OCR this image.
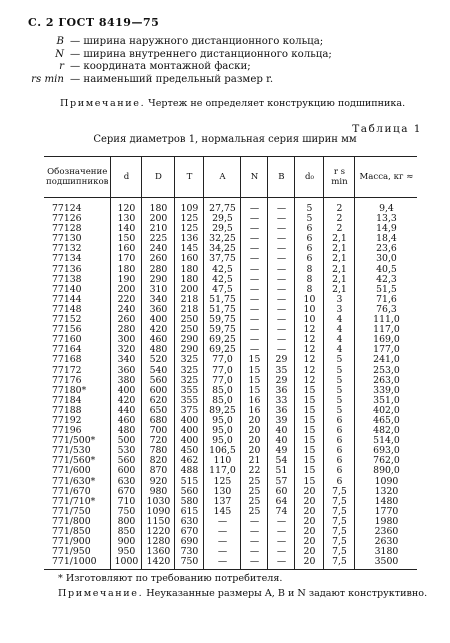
С. 2 ГОСТ 8419—75
B — ширина наружного дистанционного кольца;
N — ширина внутреннего дистанционного кольца;
r — координата монтажной фаски;
rs min — наименьший предельный размер r.
Примечание. Чертеж не определяет конструкцию подшипника.
Таблица 1
Серия диаметров 1, нормальная серия ширин мм
Обозначение подшипников	d	D	T	A	N	B	d₀	r s min	Масса, кг ≈
77124	120	180	109	27,75	—	—	5	2	9,4
77126	130	200	125	29,5	—	—	5	2	13,3
77128	140	210	125	29,5	—	—	6	2	14,9
77130	150	225	136	32,25	—	—	6	2,1	18,4
77132	160	240	145	34,25	—	—	6	2,1	23,6
77134	170	260	160	37,75	—	—	6	2,1	30,0
77136	180	280	180	42,5	—	—	8	2,1	40,5
77138	190	290	180	42,5	—	—	8	2,1	42,3
77140	200	310	200	47,5	—	—	8	2,1	51,5
77144	220	340	218	51,75	—	—	10	3	71,6
77148	240	360	218	51,75	—	—	10	3	76,3
77152	260	400	250	59,75	—	—	10	4	111,0
77156	280	420	250	59,75	—	—	12	4	117,0
77160	300	460	290	69,25	—	—	12	4	169,0
77164	320	480	290	69,25	—	—	12	4	177,0
77168	340	520	325	77,0	15	29	12	5	241,0
77172	360	540	325	77,0	15	35	12	5	253,0
77176	380	560	325	77,0	15	29	12	5	263,0
77180*	400	600	355	85,0	15	36	15	5	339,0
77184	420	620	355	85,0	16	33	15	5	351,0
77188	440	650	375	89,25	16	36	15	5	402,0
77192	460	680	400	95,0	20	39	15	6	465,0
77196	480	700	400	95,0	20	40	15	6	482,0
771/500*	500	720	400	95,0	20	40	15	6	514,0
771/530	530	780	450	106,5	20	49	15	6	693,0
771/560*	560	820	462	110	21	54	15	6	762,0
771/600	600	870	488	117,0	22	51	15	6	890,0
771/630*	630	920	515	125	25	57	15	6	1090
771/670	670	980	560	130	25	60	20	7,5	1320
771/710*	710	1030	580	137	25	64	20	7,5	1480
771/750	750	1090	615	145	25	74	20	7,5	1770
771/800	800	1150	630	—	—	—	20	7,5	1980
771/850	850	1220	670	—	—	—	20	7,5	2360
771/900	900	1280	690	—	—	—	20	7,5	2630
771/950	950	1360	730	—	—	—	20	7,5	3180
771/1000	1000	1420	750	—	—	—	20	7,5	3500
* Изготовляют по требованию потребителя.
Примечание. Неуказанные размеры A, B и N задают конструктивно.
